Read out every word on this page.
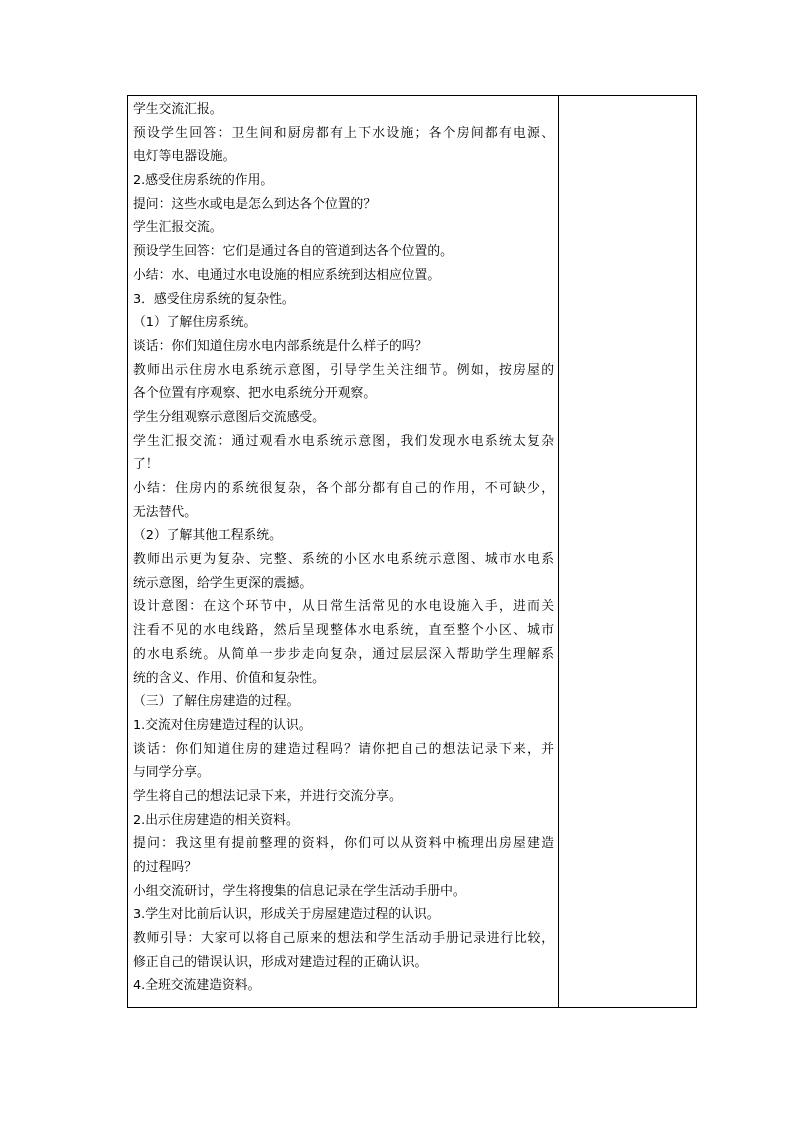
学生交流汇报。
预设学生回答：卫生间和厨房都有上下水设施；各个房间都有电源、
电灯等电器设施。
2.感受住房系统的作用。
提问：这些水或电是怎么到达各个位置的？
学生汇报交流。
预设学生回答：它们是通过各自的管道到达各个位置的。
小结：水、电通过水电设施的相应系统到达相应位置。
3．感受住房系统的复杂性。
（1）了解住房系统。
谈话：你们知道住房水电内部系统是什么样子的吗？
教师出示住房水电系统示意图，引导学生关注细节。例如，按房屋的
各个位置有序观察、把水电系统分开观察。
学生分组观察示意图后交流感受。
学生汇报交流：通过观看水电系统示意图，我们发现水电系统太复杂
了！
小结：住房内的系统很复杂，各个部分都有自己的作用，不可缺少，
无法替代。
（2）了解其他工程系统。
教师出示更为复杂、完整、系统的小区水电系统示意图、城市水电系
统示意图，给学生更深的震撼。
设计意图：在这个环节中，从日常生活常见的水电设施入手，进而关
注看不见的水电线路，然后呈现整体水电系统，直至整个小区、城市
的水电系统。从简单一步步走向复杂，通过层层深入帮助学生理解系
统的含义、作用、价值和复杂性。
（三）了解住房建造的过程。
1.交流对住房建造过程的认识。
谈话：你们知道住房的建造过程吗？请你把自己的想法记录下来，并
与同学分享。
学生将自己的想法记录下来，并进行交流分享。
2.出示住房建造的相关资料。
提问：我这里有提前整理的资料，你们可以从资料中梳理出房屋建造
的过程吗？
小组交流研讨，学生将搜集的信息记录在学生活动手册中。
3.学生对比前后认识，形成关于房屋建造过程的认识。
教师引导：大家可以将自己原来的想法和学生活动手册记录进行比较，
修正自己的错误认识，形成对建造过程的正确认识。
4.全班交流建造资料。
